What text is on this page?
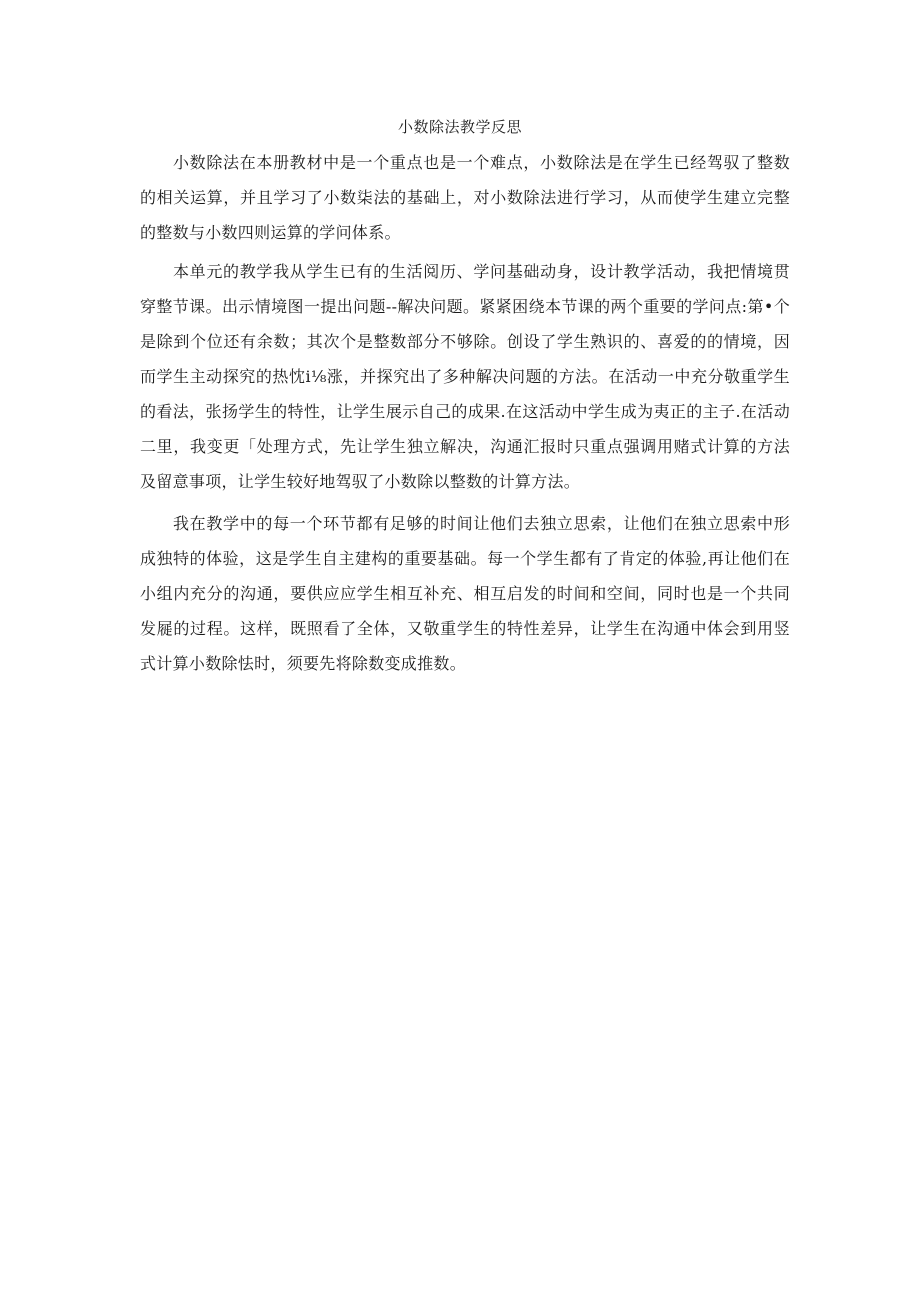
小数除法教学反思

小数除法在本册教材中是一个重点也是一个难点，小数除法是在学生已经驾驭了整数的相关运算，并且学习了小数柒法的基础上，对小数除法进行学习，从而使学生建立完整的整数与小数四则运算的学问体系。

本单元的教学我从学生已有的生活阅历、学问基础动身，设计教学活动，我把情境贯穿整节课。出示情境图一提出问题--解决问题。紧紧困绕本节课的两个重要的学问点:第•个是除到个位还有余数；其次个是整数部分不够除。创设了学生熟识的、喜爱的的情境，因而学生主动探究的热忱i⅛涨，并探究出了多种解决问题的方法。在活动一中充分敬重学生的看法，张扬学生的特性，让学生展示自己的成果.在这活动中学生成为夷正的主子.在活动二里，我变更「处理方式，先让学生独立解决，沟通汇报时只重点强调用赌式计算的方法及留意事项，让学生较好地驾驭了小数除以整数的计算方法。

我在教学中的每一个环节都有足够的时间让他们去独立思索，让他们在独立思索中形成独特的体验，这是学生自主建构的重要基础。每一个学生都有了肯定的体验,再让他们在小组内充分的沟通，要供应应学生相互补充、相互启发的时间和空间，同时也是一个共同发屣的过程。这样，既照看了全体，又敬重学生的特性差异，让学生在沟通中体会到用竖式计算小数除怯时，须要先将除数变成推数。
